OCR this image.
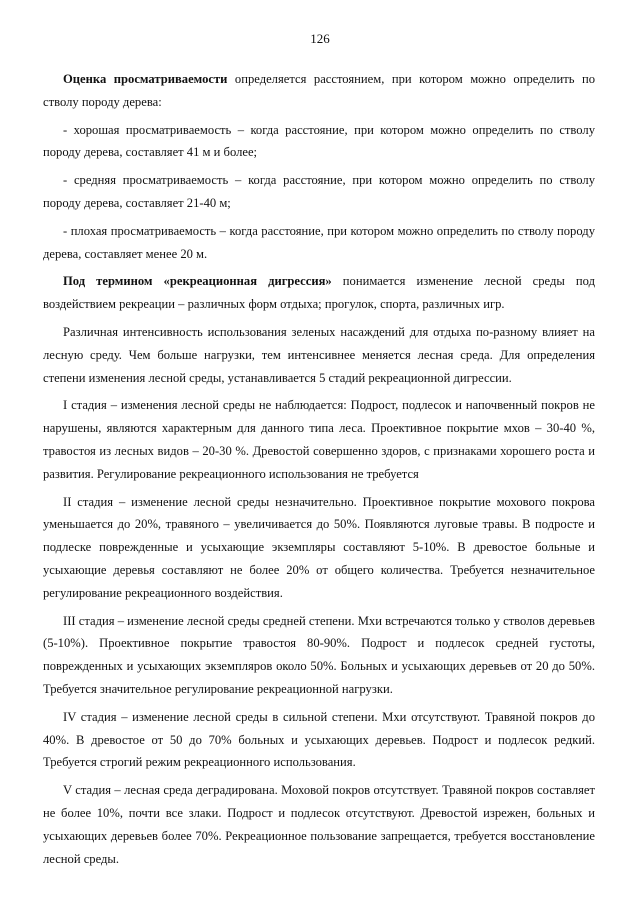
126

Оценка просматриваемости определяется расстоянием, при котором можно определить по стволу породу дерева:

- хорошая просматриваемость – когда расстояние, при котором можно определить по стволу породу дерева, составляет 41 м и более;

- средняя просматриваемость – когда расстояние, при котором можно определить по стволу породу дерева, составляет 21-40 м;

- плохая просматриваемость – когда расстояние, при котором можно определить по стволу породу дерева, составляет менее 20 м.

Под термином «рекреационная дигрессия» понимается изменение лесной среды под воздействием рекреации – различных форм отдыха; прогулок, спорта, различных игр.

Различная интенсивность использования зеленых насаждений для отдыха по-разному влияет на лесную среду. Чем больше нагрузки, тем интенсивнее меняется лесная среда. Для определения степени изменения лесной среды, устанавливается 5 стадий рекреационной дигрессии.

I стадия – изменения лесной среды не наблюдается: Подрост, подлесок и напочвенный покров не нарушены, являются характерным для данного типа леса. Проективное покрытие мхов – 30-40 %, травостоя из лесных видов – 20-30 %. Древостой совершенно здоров, с признаками хорошего роста и развития. Регулирование рекреационного использования не требуется

II стадия – изменение лесной среды незначительно. Проективное покрытие мохового покрова уменьшается до 20%, травяного – увеличивается до 50%. Появляются луговые травы. В подросте и подлеске поврежденные и усыхающие экземпляры составляют 5-10%. В древостое больные и усыхающие деревья составляют не более 20% от общего количества. Требуется незначительное регулирование рекреационного воздействия.

III стадия – изменение лесной среды средней степени. Мхи встречаются только у стволов деревьев (5-10%). Проективное покрытие травостоя 80-90%. Подрост и подлесок средней густоты, поврежденных и усыхающих экземпляров около 50%. Больных и усыхающих деревьев от 20 до 50%. Требуется значительное регулирование рекреационной нагрузки.

IV стадия – изменение лесной среды в сильной степени. Мхи отсутствуют. Травяной покров до 40%. В древостое от 50 до 70% больных и усыхающих деревьев. Подрост и подлесок редкий. Требуется строгий режим рекреационного использования.

V стадия – лесная среда деградирована. Моховой покров отсутствует. Травяной покров составляет не более 10%, почти все злаки. Подрост и подлесок отсутствуют. Древостой изрежен, больных и усыхающих деревьев более 70%. Рекреационное пользование запрещается, требуется восстановление лесной среды.
